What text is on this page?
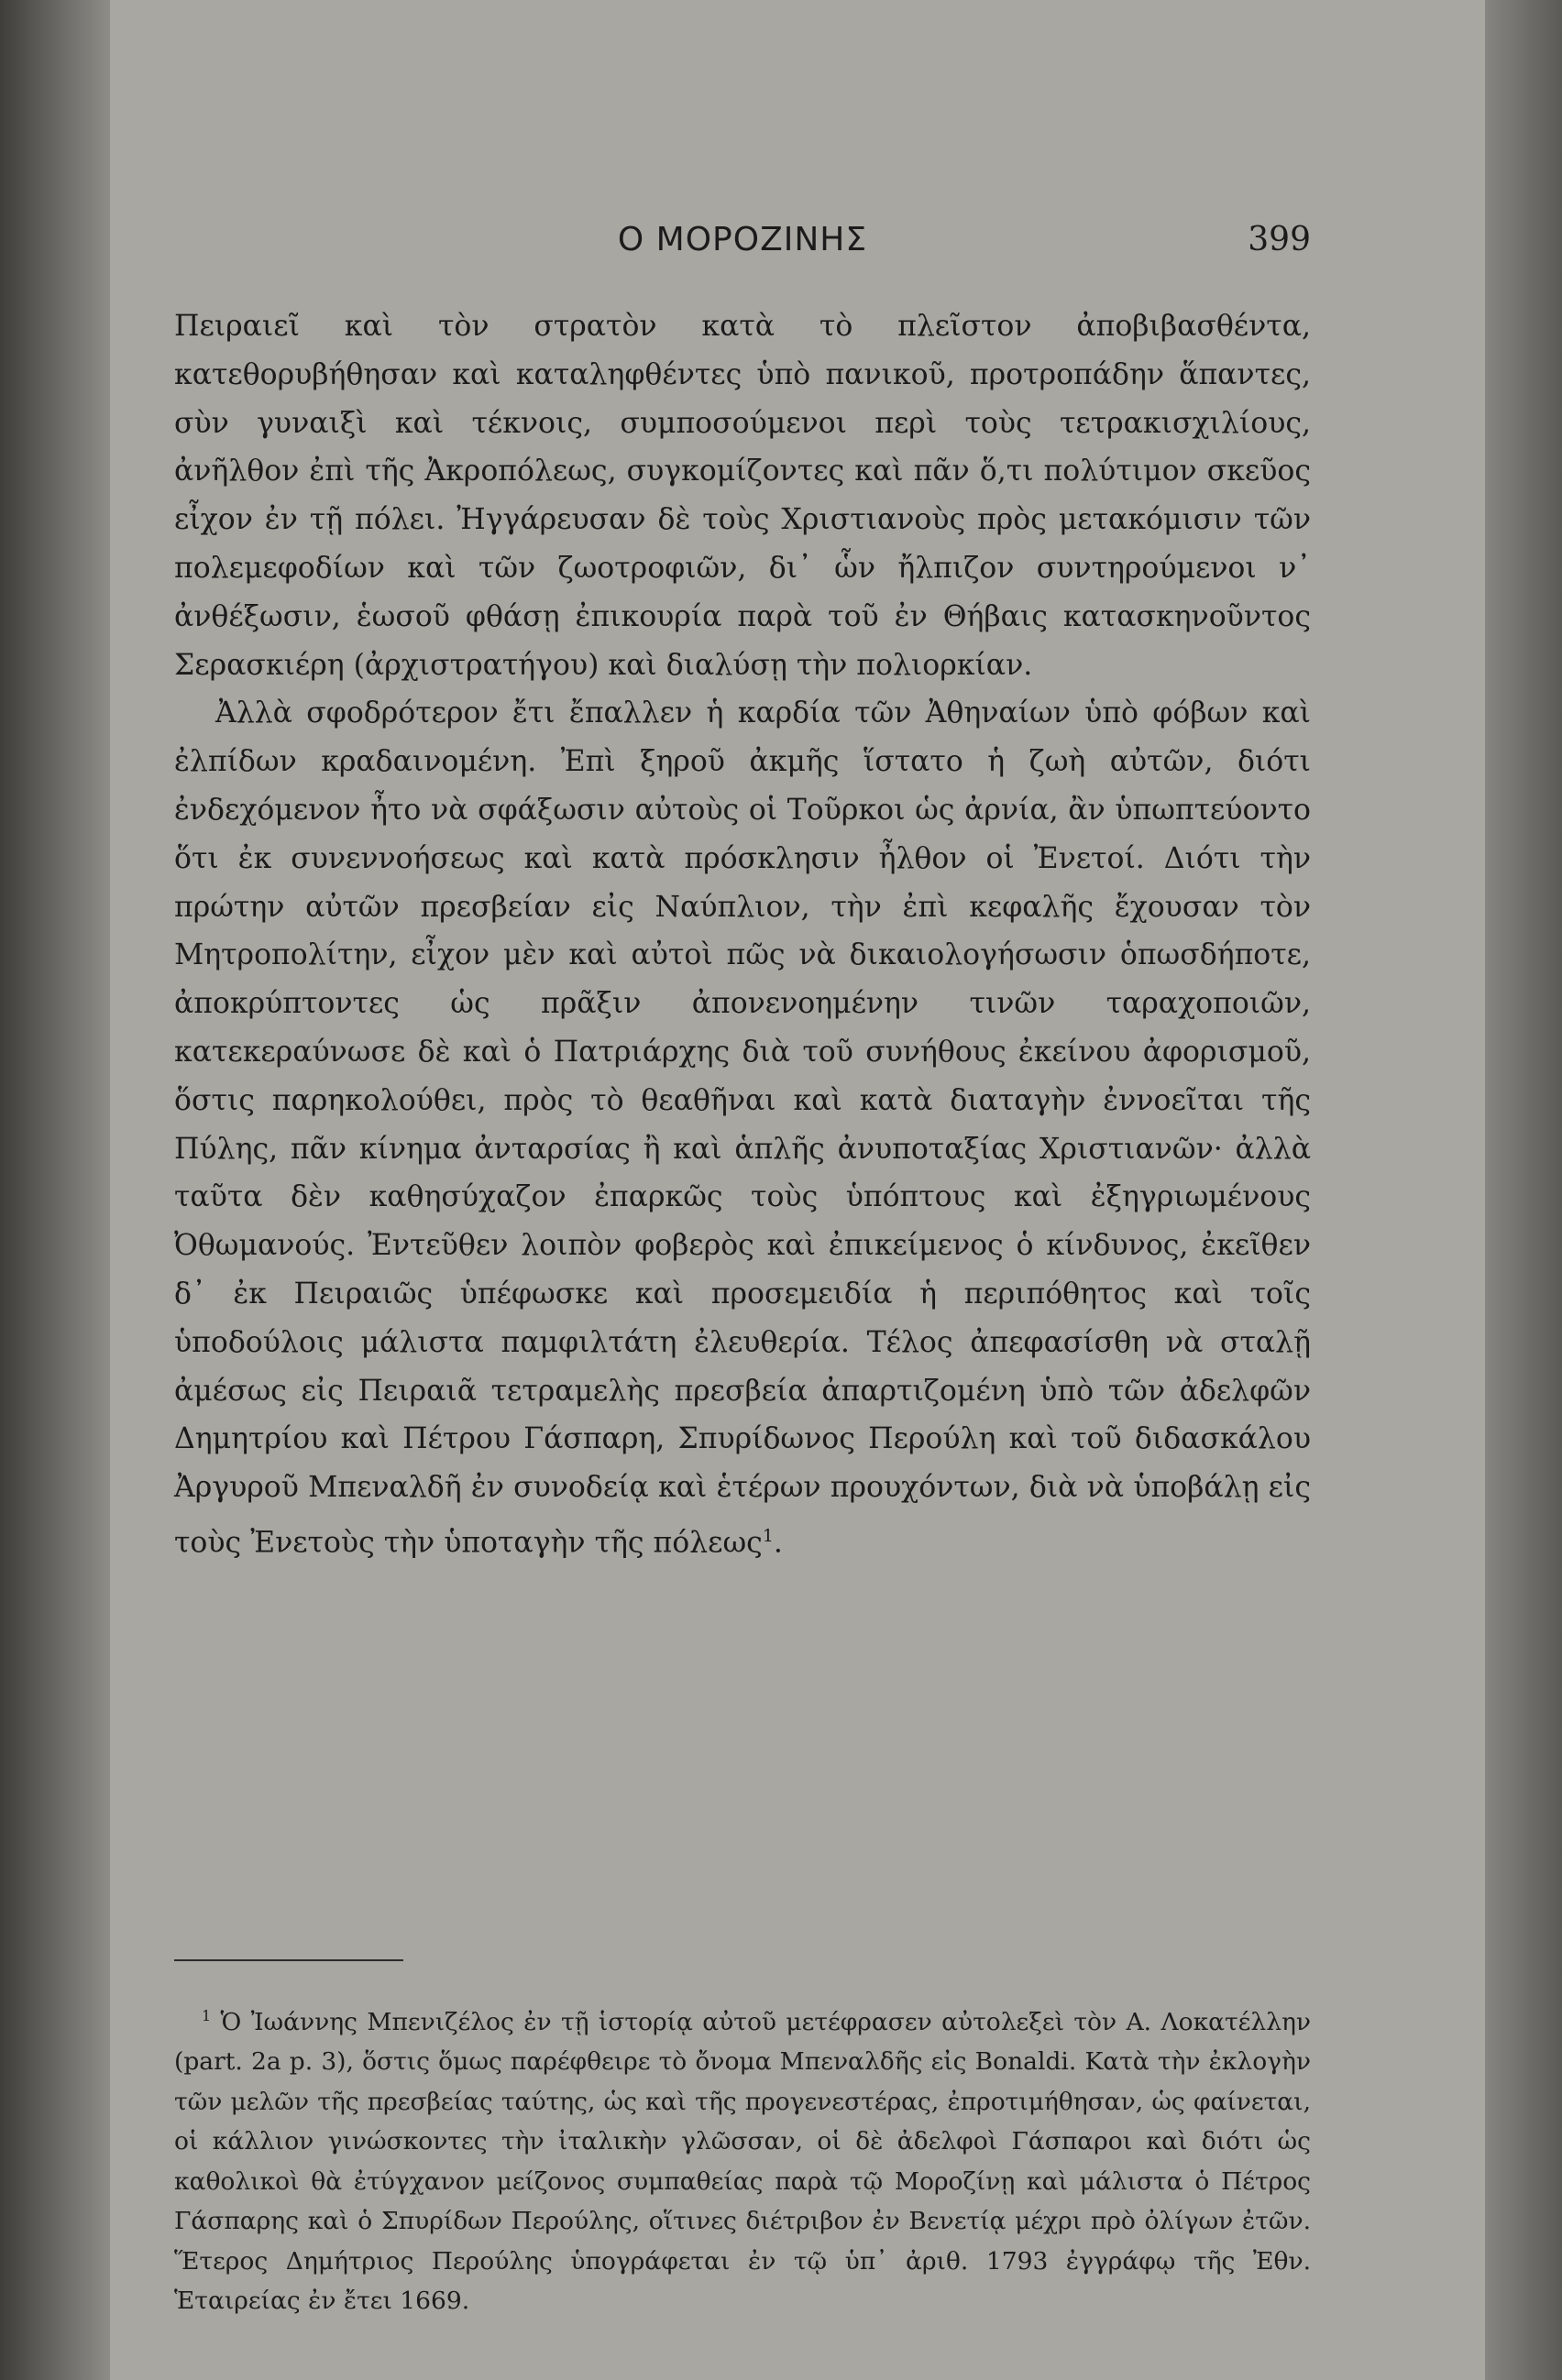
Ο ΜΟΡΟΖΙΝΗΣ	399

Πειραιεῖ καὶ τὸν στρατὸν κατὰ τὸ πλεῖστον ἀποβιβασθέντα, κατεθορυβήθησαν καὶ καταληφθέντες ὑπὸ πανικοῦ, προτροπάδην ἅπαντες, σὺν γυναιξὶ καὶ τέκνοις, συμποσούμενοι περὶ τοὺς τετρακισχιλίους, ἀνῆλθον ἐπὶ τῆς Ἀκροπόλεως, συγκομίζοντες καὶ πᾶν ὅ,τι πολύτιμον σκεῦος εἶχον ἐν τῇ πόλει. Ἠγγάρευσαν δὲ τοὺς Χριστιανοὺς πρὸς μετακόμισιν τῶν πολεμεφοδίων καὶ τῶν ζωοτροφιῶν, δι᾽ ὧν ἤλπιζον συντηρούμενοι ν᾽ ἀνθέξωσιν, ἑωσοῦ φθάσῃ ἐπικουρία παρὰ τοῦ ἐν Θήβαις κατασκηνοῦντος Σερασκιέρη (ἀρχιστρατήγου) καὶ διαλύσῃ τὴν πολιορκίαν.

Ἀλλὰ σφοδρότερον ἔτι ἔπαλλεν ἡ καρδία τῶν Ἀθηναίων ὑπὸ φόβων καὶ ἐλπίδων κραδαινομένη. Ἐπὶ ξηροῦ ἀκμῆς ἵστατο ἡ ζωὴ αὐτῶν, διότι ἐνδεχόμενον ἦτο νὰ σφάξωσιν αὐτοὺς οἱ Τοῦρκοι ὡς ἀρνία, ἂν ὑπωπτεύοντο ὅτι ἐκ συνεννοήσεως καὶ κατὰ πρόσκλησιν ἦλθον οἱ Ἐνετοί. Διότι τὴν πρώτην αὐτῶν πρεσβείαν εἰς Ναύπλιον, τὴν ἐπὶ κεφαλῆς ἔχουσαν τὸν Μητροπολίτην, εἶχον μὲν καὶ αὐτοὶ πῶς νὰ δικαιολογήσωσιν ὁπωσδήποτε, ἀποκρύπτοντες ὡς πρᾶξιν ἀπονενοημένην τινῶν ταραχοποιῶν, κατεκεραύνωσε δὲ καὶ ὁ Πατριάρχης διὰ τοῦ συνήθους ἐκείνου ἀφορισμοῦ, ὅστις παρηκολούθει, πρὸς τὸ θεαθῆναι καὶ κατὰ διαταγὴν ἐννοεῖται τῆς Πύλης, πᾶν κίνημα ἀνταρσίας ἢ καὶ ἁπλῆς ἀνυποταξίας Χριστιανῶν· ἀλλὰ ταῦτα δὲν καθησύχαζον ἐπαρκῶς τοὺς ὑπόπτους καὶ ἐξηγριωμένους Ὀθωμανούς. Ἐντεῦθεν λοιπὸν φοβερὸς καὶ ἐπικείμενος ὁ κίνδυνος, ἐκεῖθεν δ᾽ ἐκ Πειραιῶς ὑπέφωσκε καὶ προσεμειδία ἡ περιπόθητος καὶ τοῖς ὑποδούλοις μάλιστα παμφιλτάτη ἐλευθερία. Τέλος ἀπεφασίσθη νὰ σταλῇ ἀμέσως εἰς Πειραιᾶ τετραμελὴς πρεσβεία ἀπαρτιζομένη ὑπὸ τῶν ἀδελφῶν Δημητρίου καὶ Πέτρου Γάσπαρη, Σπυρίδωνος Περούλη καὶ τοῦ διδασκάλου Ἀργυροῦ Μπεναλδῆ ἐν συνοδείᾳ καὶ ἑτέρων προυχόντων, διὰ νὰ ὑποβάλῃ εἰς τοὺς Ἐνετοὺς τὴν ὑποταγὴν τῆς πόλεως$^1$.

$^1$ Ὁ Ἰωάννης Μπενιζέλος ἐν τῇ ἱστορίᾳ αὐτοῦ μετέφρασεν αὐτολεξεὶ τὸν A. Λοκατέλλην (part. 2a p. 3), ὅστις ὅμως παρέφθειρε τὸ ὄνομα Μπεναλδῆς εἰς Bonaldi. Κατὰ τὴν ἐκλογὴν τῶν μελῶν τῆς πρεσβείας ταύτης, ὡς καὶ τῆς προγενεστέρας, ἐπροτιμήθησαν, ὡς φαίνεται, οἱ κάλλιον γινώσκοντες τὴν ἰταλικὴν γλῶσσαν, οἱ δὲ ἀδελφοὶ Γάσπαροι καὶ διότι ὡς καθολικοὶ θὰ ἐτύγχανον μείζονος συμπαθείας παρὰ τῷ Μοροζίνῃ καὶ μάλιστα ὁ Πέτρος Γάσπαρης καὶ ὁ Σπυρίδων Περούλης, οἵτινες διέτριβον ἐν Βενετίᾳ μέχρι πρὸ ὀλίγων ἐτῶν. Ἕτερος Δημήτριος Περούλης ὑπογράφεται ἐν τῷ ὑπ᾽ ἀριθ. 1793 ἐγγράφῳ τῆς Ἐθν. Ἑταιρείας ἐν ἔτει 1669.
